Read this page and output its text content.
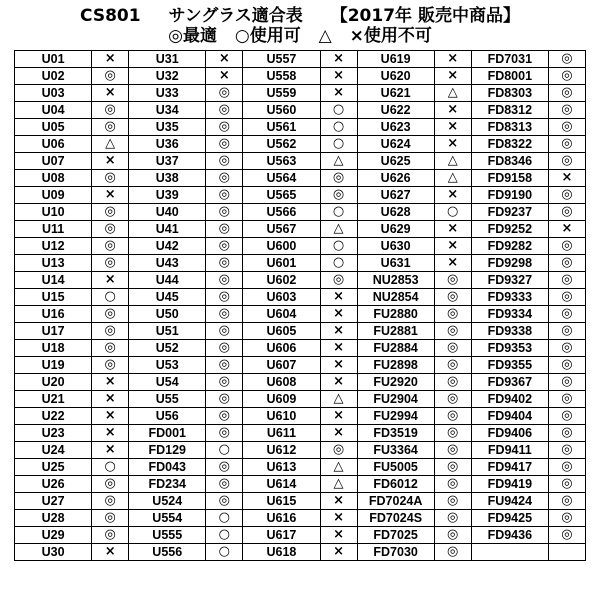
CS801 サングラス適合表 【2017年 販売中商品】
◎最適 ○使用可 △ ×使用不可
U01	×	U31	×	U557	×	U619	×	FD7031	◎
U02	◎	U32	×	U558	×	U620	×	FD8001	◎
U03	×	U33	◎	U559	×	U621	△	FD8303	◎
U04	◎	U34	◎	U560	○	U622	×	FD8312	◎
U05	◎	U35	◎	U561	○	U623	×	FD8313	◎
U06	△	U36	◎	U562	○	U624	×	FD8322	◎
U07	×	U37	◎	U563	△	U625	△	FD8346	◎
U08	◎	U38	◎	U564	◎	U626	△	FD9158	×
U09	×	U39	◎	U565	◎	U627	×	FD9190	◎
U10	◎	U40	◎	U566	○	U628	○	FD9237	◎
U11	◎	U41	◎	U567	△	U629	×	FD9252	×
U12	◎	U42	◎	U600	○	U630	×	FD9282	◎
U13	◎	U43	◎	U601	○	U631	×	FD9298	◎
U14	×	U44	◎	U602	◎	NU2853	◎	FD9327	◎
U15	○	U45	◎	U603	×	NU2854	◎	FD9333	◎
U16	◎	U50	◎	U604	×	FU2880	◎	FD9334	◎
U17	◎	U51	◎	U605	×	FU2881	◎	FD9338	◎
U18	◎	U52	◎	U606	×	FU2884	◎	FD9353	◎
U19	◎	U53	◎	U607	×	FU2898	◎	FD9355	◎
U20	×	U54	◎	U608	×	FU2920	◎	FD9367	◎
U21	×	U55	◎	U609	△	FU2904	◎	FD9402	◎
U22	×	U56	◎	U610	×	FU2994	◎	FD9404	◎
U23	×	FD001	◎	U611	×	FD3519	◎	FD9406	◎
U24	×	FD129	○	U612	◎	FU3364	◎	FD9411	◎
U25	○	FD043	◎	U613	△	FU5005	◎	FD9417	◎
U26	◎	FD234	◎	U614	△	FD6012	◎	FD9419	◎
U27	◎	U524	◎	U615	×	FD7024A	◎	FU9424	◎
U28	◎	U554	○	U616	×	FD7024S	◎	FD9425	◎
U29	◎	U555	○	U617	×	FD7025	◎	FD9436	◎
U30	×	U556	○	U618	×	FD7030	◎		
